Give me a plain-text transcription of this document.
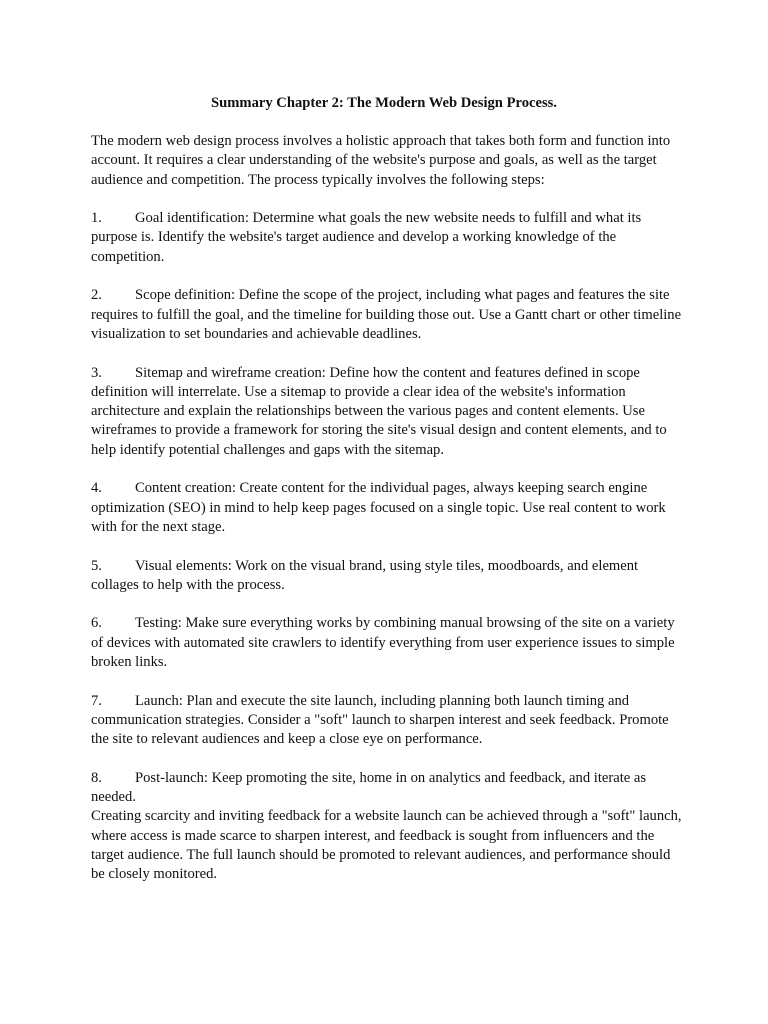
Summary Chapter 2: The Modern Web Design Process.

The modern web design process involves a holistic approach that takes both form and function into account. It requires a clear understanding of the website's purpose and goals, as well as the target audience and competition. The process typically involves the following steps:

1. Goal identification: Determine what goals the new website needs to fulfill and what its purpose is. Identify the website's target audience and develop a working knowledge of the competition.

2. Scope definition: Define the scope of the project, including what pages and features the site requires to fulfill the goal, and the timeline for building those out. Use a Gantt chart or other timeline visualization to set boundaries and achievable deadlines.

3. Sitemap and wireframe creation: Define how the content and features defined in scope definition will interrelate. Use a sitemap to provide a clear idea of the website's information architecture and explain the relationships between the various pages and content elements. Use wireframes to provide a framework for storing the site's visual design and content elements, and to help identify potential challenges and gaps with the sitemap.

4. Content creation: Create content for the individual pages, always keeping search engine optimization (SEO) in mind to help keep pages focused on a single topic. Use real content to work with for the next stage.

5. Visual elements: Work on the visual brand, using style tiles, moodboards, and element collages to help with the process.

6. Testing: Make sure everything works by combining manual browsing of the site on a variety of devices with automated site crawlers to identify everything from user experience issues to simple broken links.

7. Launch: Plan and execute the site launch, including planning both launch timing and communication strategies. Consider a "soft" launch to sharpen interest and seek feedback. Promote the site to relevant audiences and keep a close eye on performance.

8. Post-launch: Keep promoting the site, home in on analytics and feedback, and iterate as needed.

Creating scarcity and inviting feedback for a website launch can be achieved through a "soft" launch, where access is made scarce to sharpen interest, and feedback is sought from influencers and the target audience. The full launch should be promoted to relevant audiences, and performance should be closely monitored.
